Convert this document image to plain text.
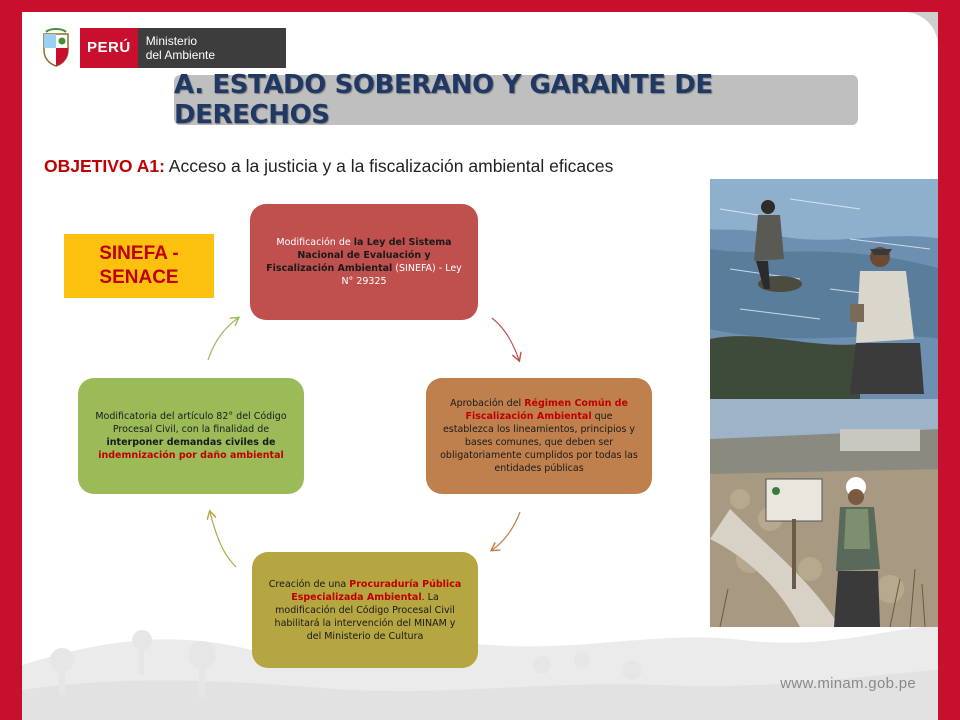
PERÚ	Ministerio
del Ambiente
A. ESTADO SOBERANO Y GARANTE DE DERECHOS
OBJETIVO A1: Acceso a la justicia y a la fiscalización ambiental eficaces
SINEFA -
SENACE
Modificación de la Ley del Sistema Nacional de Evaluación y Fiscalización Ambiental (SINEFA) - Ley N° 29325
Aprobación del Régimen Común de Fiscalización Ambiental que establezca los lineamientos, principios y bases comunes, que deben ser obligatoriamente cumplidos por todas las entidades públicas
Creación de una Procuraduría Pública Especializada Ambiental. La modificación del Código Procesal Civil habilitará la intervención del MINAM y del Ministerio de Cultura
Modificatoria del artículo 82° del Código Procesal Civil, con la finalidad de interponer demandas civiles de indemnización por daño ambiental
www.minam.gob.pe
